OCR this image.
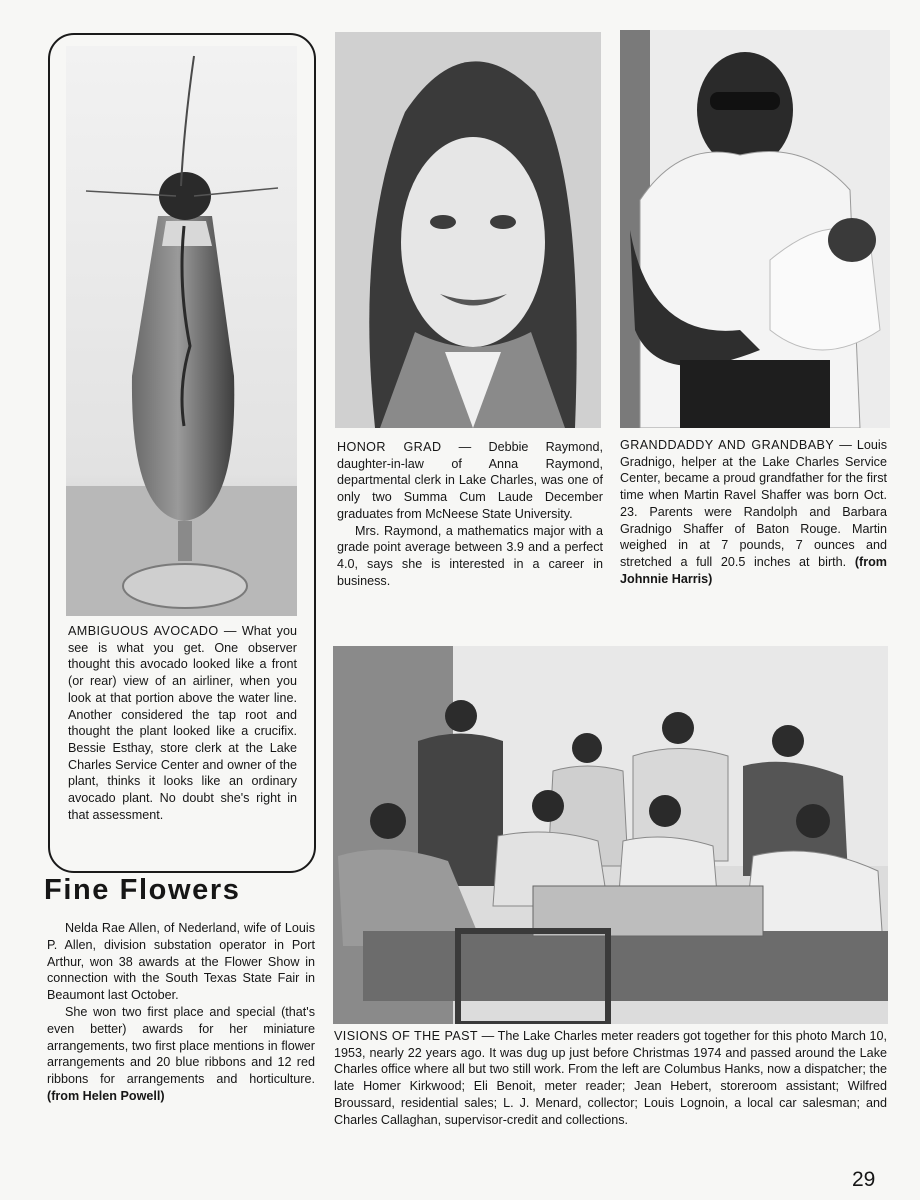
AMBIGUOUS AVOCADO — What you see is what you get. One observer thought this avocado looked like a front (or rear) view of an airliner, when you look at that portion above the water line. Another considered the tap root and thought the plant looked like a crucifix. Bessie Esthay, store clerk at the Lake Charles Service Center and owner of the plant, thinks it looks like an ordinary avocado plant. No doubt she's right in that assessment.

HONOR GRAD — Debbie Raymond, daughter-in-law of Anna Raymond, departmental clerk in Lake Charles, was one of only two Summa Cum Laude December graduates from McNeese State University.

Mrs. Raymond, a mathematics major with a grade point average between 3.9 and a perfect 4.0, says she is interested in a career in business.

GRANDDADDY AND GRANDBABY — Louis Gradnigo, helper at the Lake Charles Service Center, became a proud grandfather for the first time when Martin Ravel Shaffer was born Oct. 23. Parents were Randolph and Barbara Gradnigo Shaffer of Baton Rouge. Martin weighed in at 7 pounds, 7 ounces and stretched a full 20.5 inches at birth. (from Johnnie Harris)

VISIONS OF THE PAST — The Lake Charles meter readers got together for this photo March 10, 1953, nearly 22 years ago. It was dug up just before Christmas 1974 and passed around the Lake Charles office where all but two still work. From the left are Columbus Hanks, now a dispatcher; the late Homer Kirkwood; Eli Benoit, meter reader; Jean Hebert, storeroom assistant; Wilfred Broussard, residential sales; L. J. Menard, collector; Louis Lognoin, a local car salesman; and Charles Callaghan, supervisor-credit and collections.

Fine Flowers

Nelda Rae Allen, of Nederland, wife of Louis P. Allen, division substation operator in Port Arthur, won 38 awards at the Flower Show in connection with the South Texas State Fair in Beaumont last October.

She won two first place and special (that's even better) awards for her miniature arrangements, two first place mentions in flower arrangements and 20 blue ribbons and 12 red ribbons for arrangements and horticulture. (from Helen Powell)

29
